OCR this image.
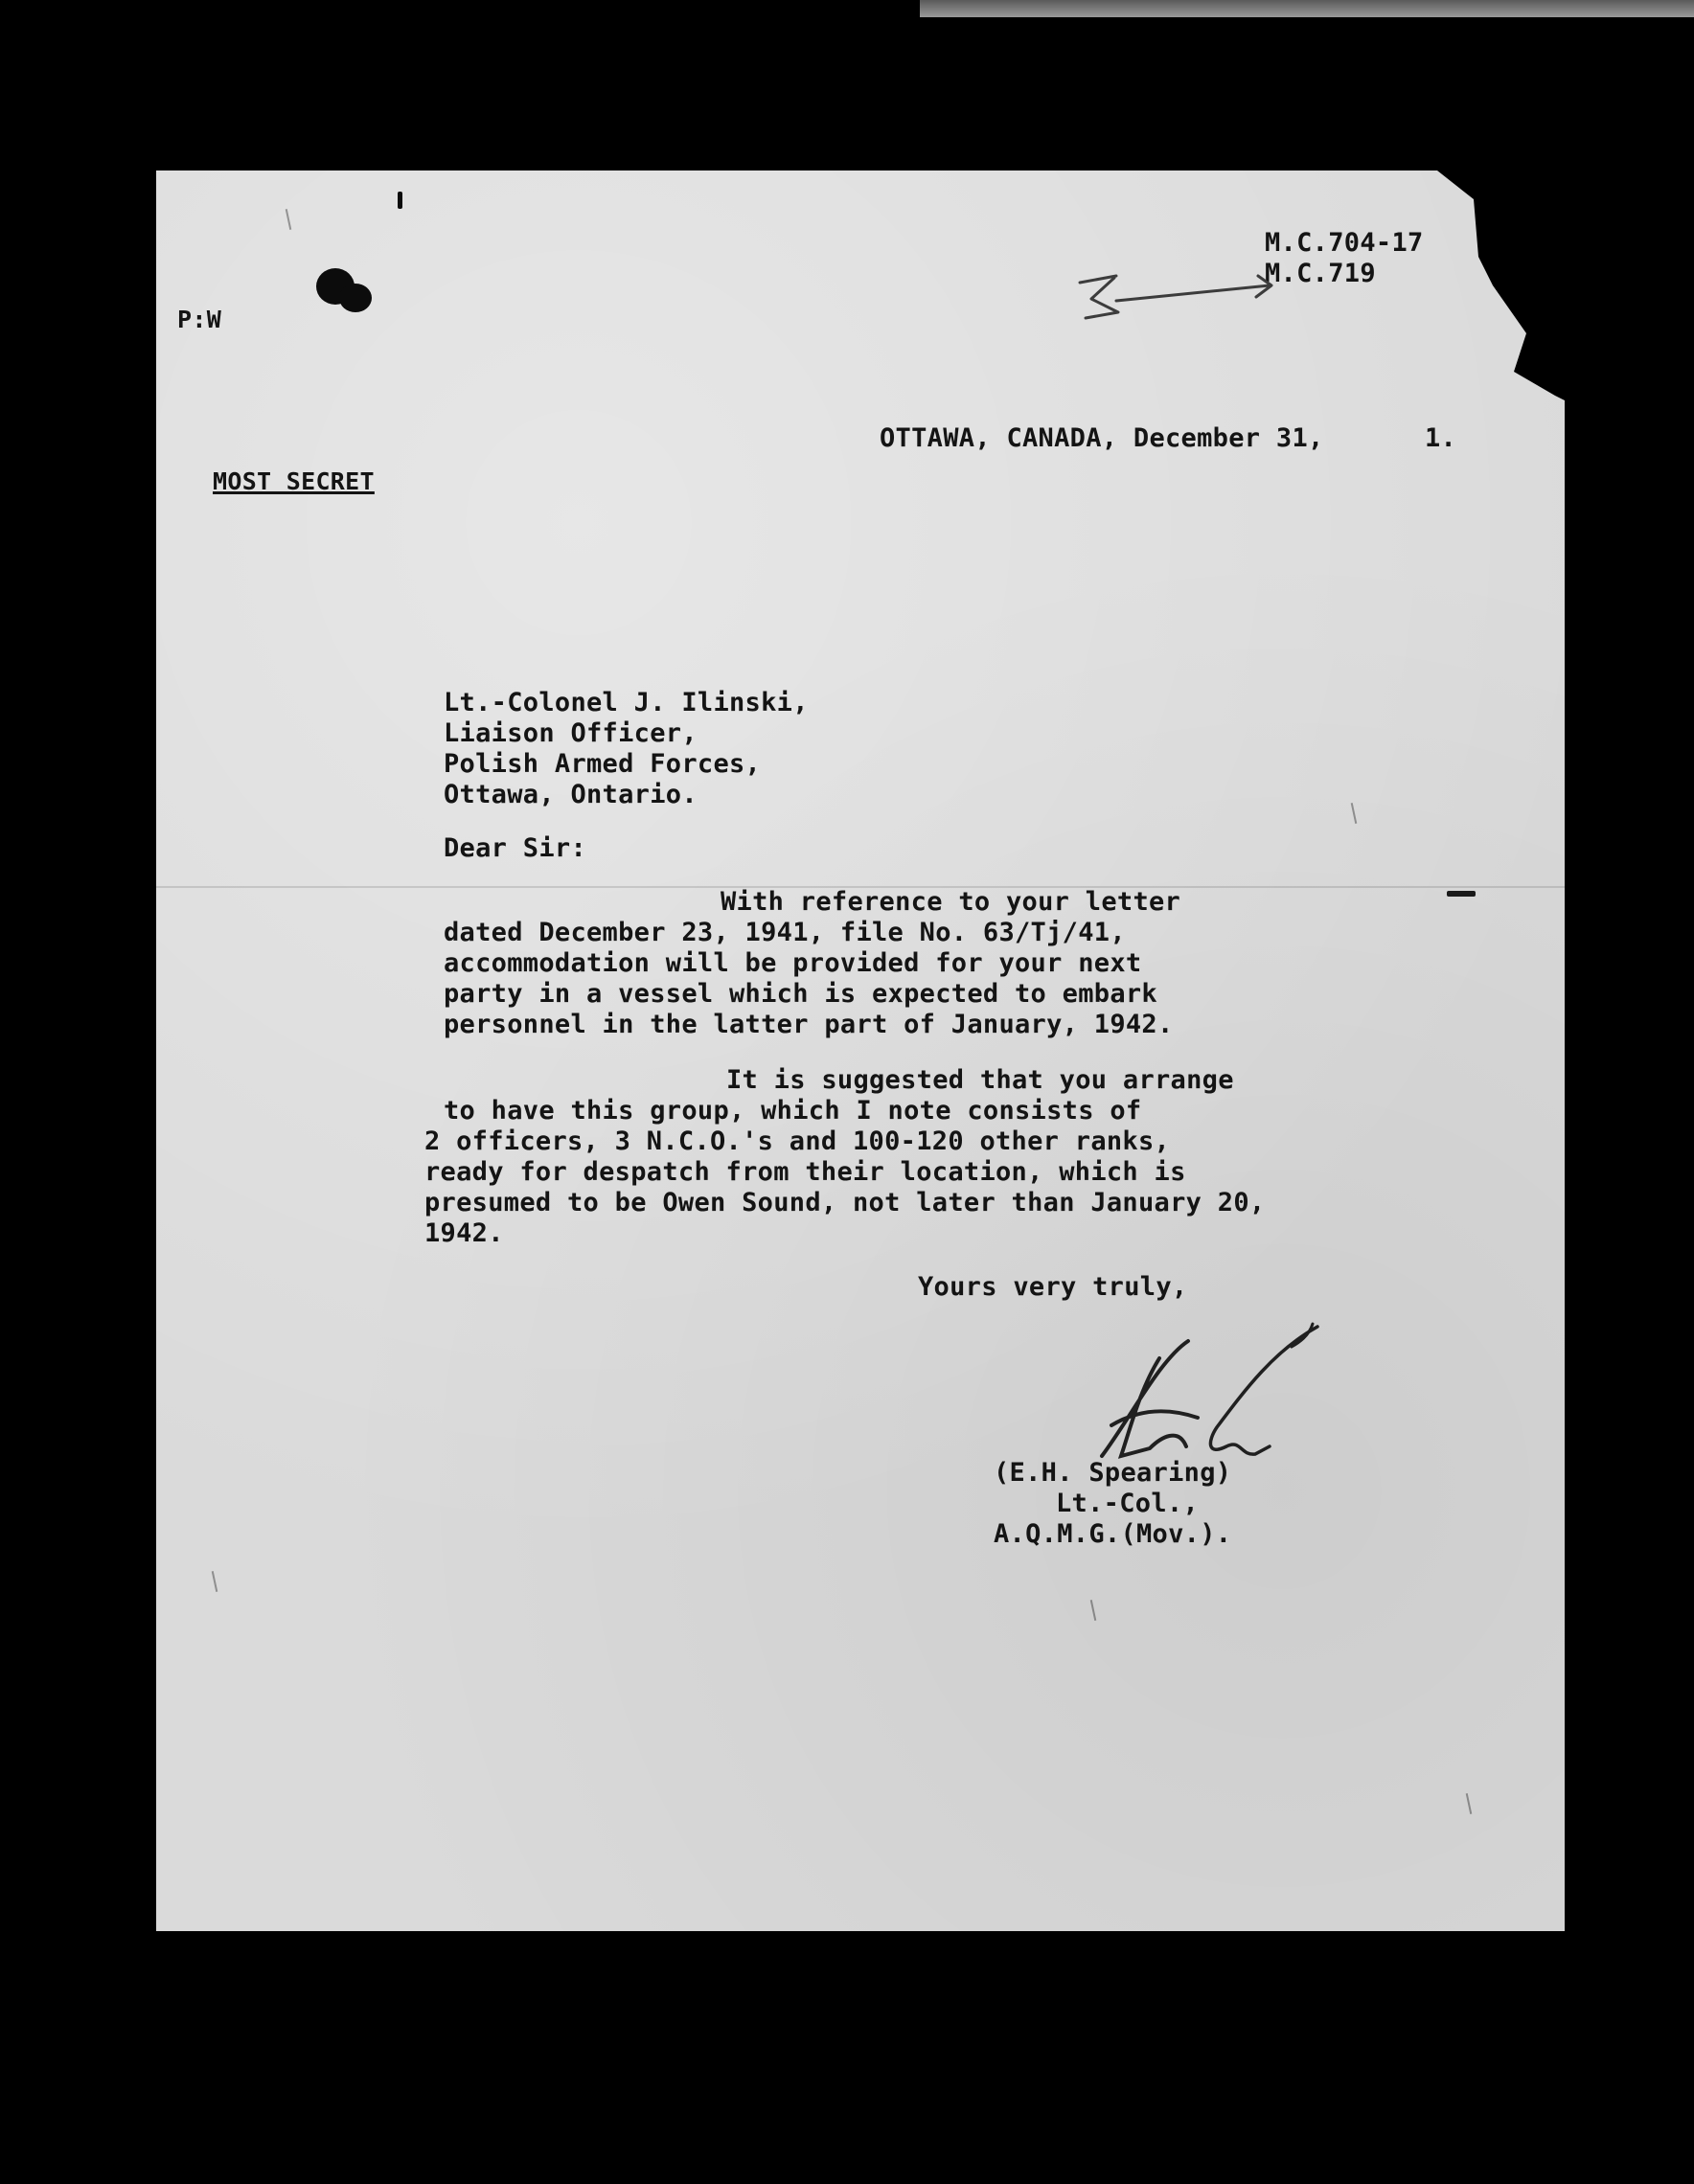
M.C.704-17

M.C.719

P:W

OTTAWA, CANADA, December 31,	1.

MOST SECRET

Lt.-Colonel J. Ilinski,

Liaison Officer,

Polish Armed Forces,

Ottawa, Ontario.

Dear Sir:

With reference to your letter

dated December 23, 1941, file No. 63/Tj/41,

accommodation will be provided for your next

party in a vessel which is expected to embark

personnel in the latter part of January, 1942.

It is suggested that you arrange

to have this group, which I note consists of

2 officers, 3 N.C.O.'s and 100-120 other ranks,

ready for despatch from their location, which is

presumed to be Owen Sound, not later than January 20,

1942.

Yours very truly,

(E.H. Spearing)

Lt.-Col.,

A.Q.M.G.(Mov.).
